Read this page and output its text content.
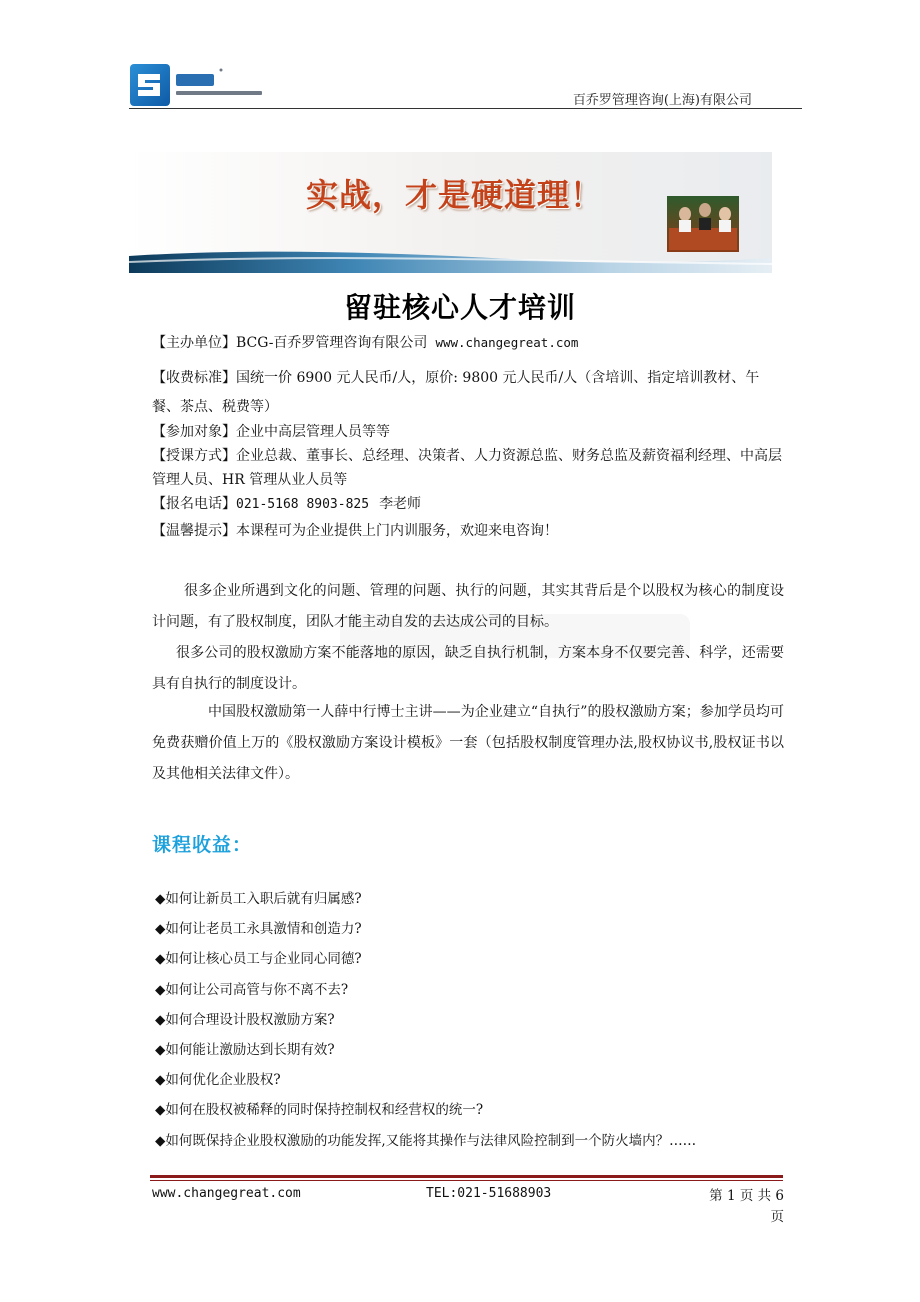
百乔罗管理咨询(上海)有限公司
实战，才是硬道理！
留驻核心人才培训
【主办单位】BCG-百乔罗管理咨询有限公司 www.changegreat.com
【收费标准】国统一价 6900 元人民币/人，原价: 9800 元人民币/人（含培训、指定培训教材、午餐、茶点、税费等）
【参加对象】企业中高层管理人员等等
【授课方式】企业总裁、董事长、总经理、决策者、人力资源总监、财务总监及薪资福利经理、中高层管理人员、HR 管理从业人员等
【报名电话】021-5168 8903-825 李老师
【温馨提示】本课程可为企业提供上门内训服务，欢迎来电咨询！
很多企业所遇到文化的问题、管理的问题、执行的问题，其实其背后是个以股权为核心的制度设计问题，有了股权制度，团队才能主动自发的去达成公司的目标。
很多公司的股权激励方案不能落地的原因，缺乏自执行机制，方案本身不仅要完善、科学，还需要具有自执行的制度设计。
中国股权激励第一人薛中行博士主讲——为企业建立“自执行”的股权激励方案；参加学员均可免费获赠价值上万的《股权激励方案设计模板》一套（包括股权制度管理办法,股权协议书,股权证书以及其他相关法律文件）。
课程收益：
◆如何让新员工入职后就有归属感?
◆如何让老员工永具激情和创造力?
◆如何让核心员工与企业同心同德?
◆如何让公司高管与你不离不去?
◆如何合理设计股权激励方案?
◆如何能让激励达到长期有效?
◆如何优化企业股权?
◆如何在股权被稀释的同时保持控制权和经营权的统一?
◆如何既保持企业股权激励的功能发挥,又能将其操作与法律风险控制到一个防火墙内？……
www.changegreat.com	TEL:021-51688903	第 1 页 共 6 页
